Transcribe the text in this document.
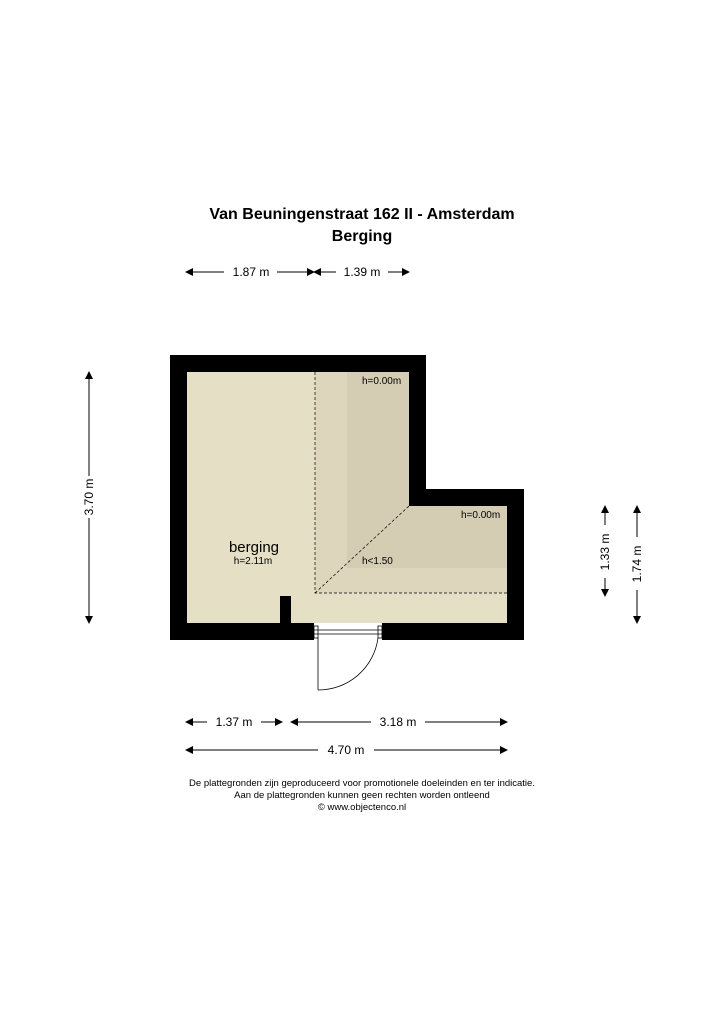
Van Beuningenstraat 162 II - Amsterdam
Berging
berging
h=2.11m
h=0.00m
h=0.00m
h<1.50
1.87 m	1.39 m
3.70 m
1.33 m 1.74 m
1.37 m	3.18 m
4.70 m
De plattegronden zijn geproduceerd voor promotionele doeleinden en ter indicatie.
Aan de plattegronden kunnen geen rechten worden ontleend
© www.objectenco.nl
